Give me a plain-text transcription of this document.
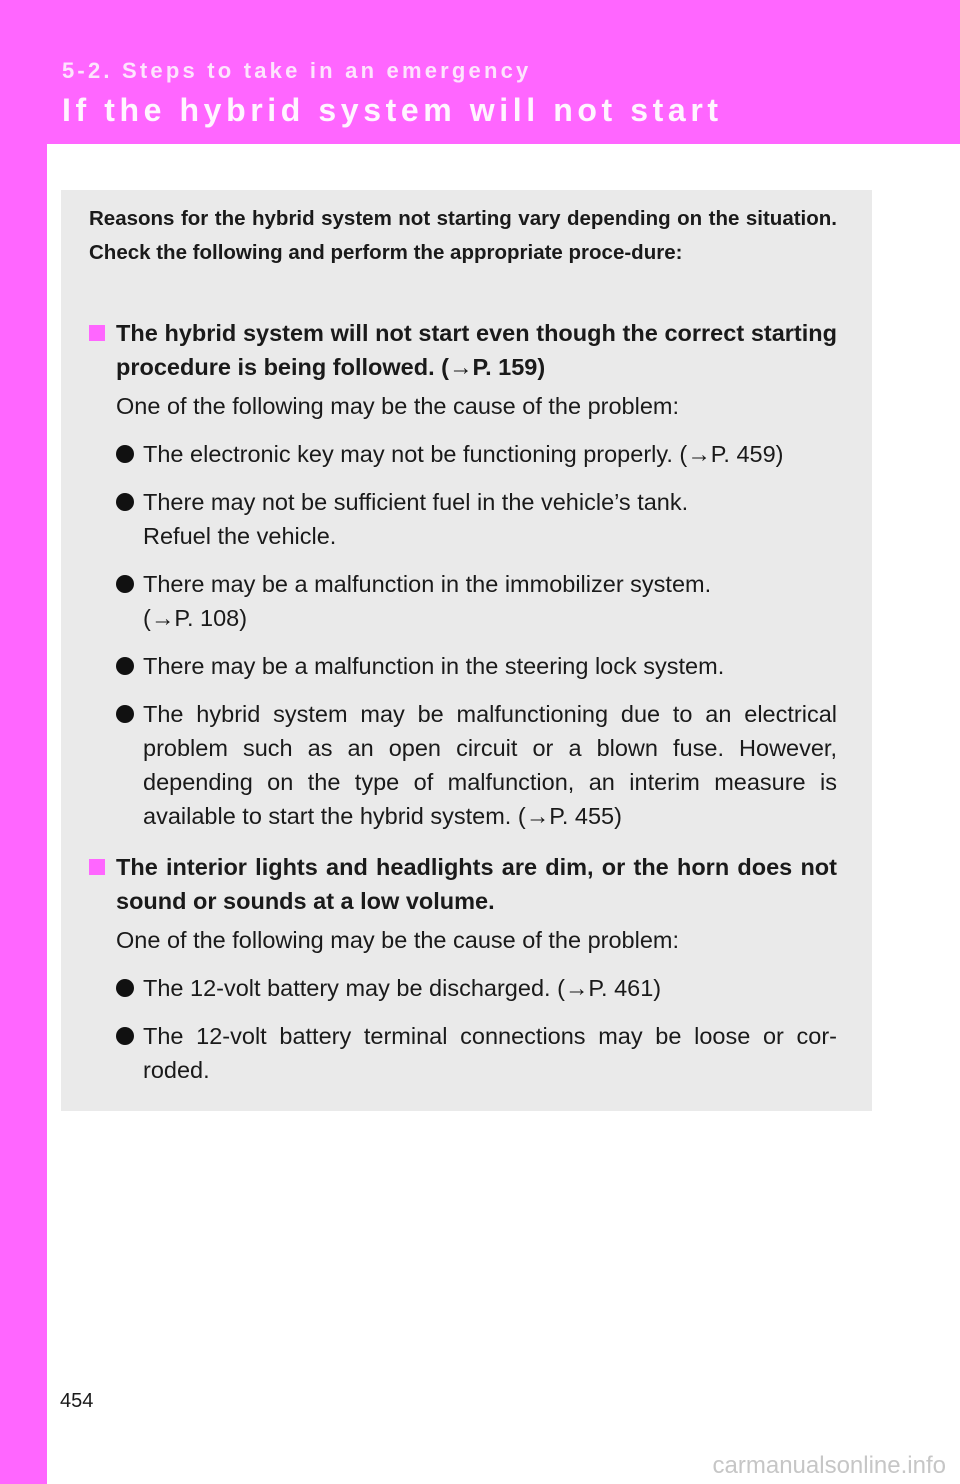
5-2. Steps to take in an emergency
If the hybrid system will not start
Reasons for the hybrid system not starting vary depending on the situation. Check the following and perform the appropriate proce-dure:
The hybrid system will not start even though the correct starting procedure is being followed. (→P. 159)
One of the following may be the cause of the problem:
The electronic key may not be functioning properly. (→P. 459)
There may not be sufficient fuel in the vehicle’s tank.
Refuel the vehicle.
There may be a malfunction in the immobilizer system.
(→P. 108)
There may be a malfunction in the steering lock system.
The hybrid system may be malfunctioning due to an electrical problem such as an open circuit or a blown fuse. However, depending on the type of malfunction, an interim measure is available to start the hybrid system. (→P. 455)
The interior lights and headlights are dim, or the horn does not sound or sounds at a low volume.
One of the following may be the cause of the problem:
The 12-volt battery may be discharged. (→P. 461)
The 12-volt battery terminal connections may be loose or cor-roded.
454
carmanualsonline.info
